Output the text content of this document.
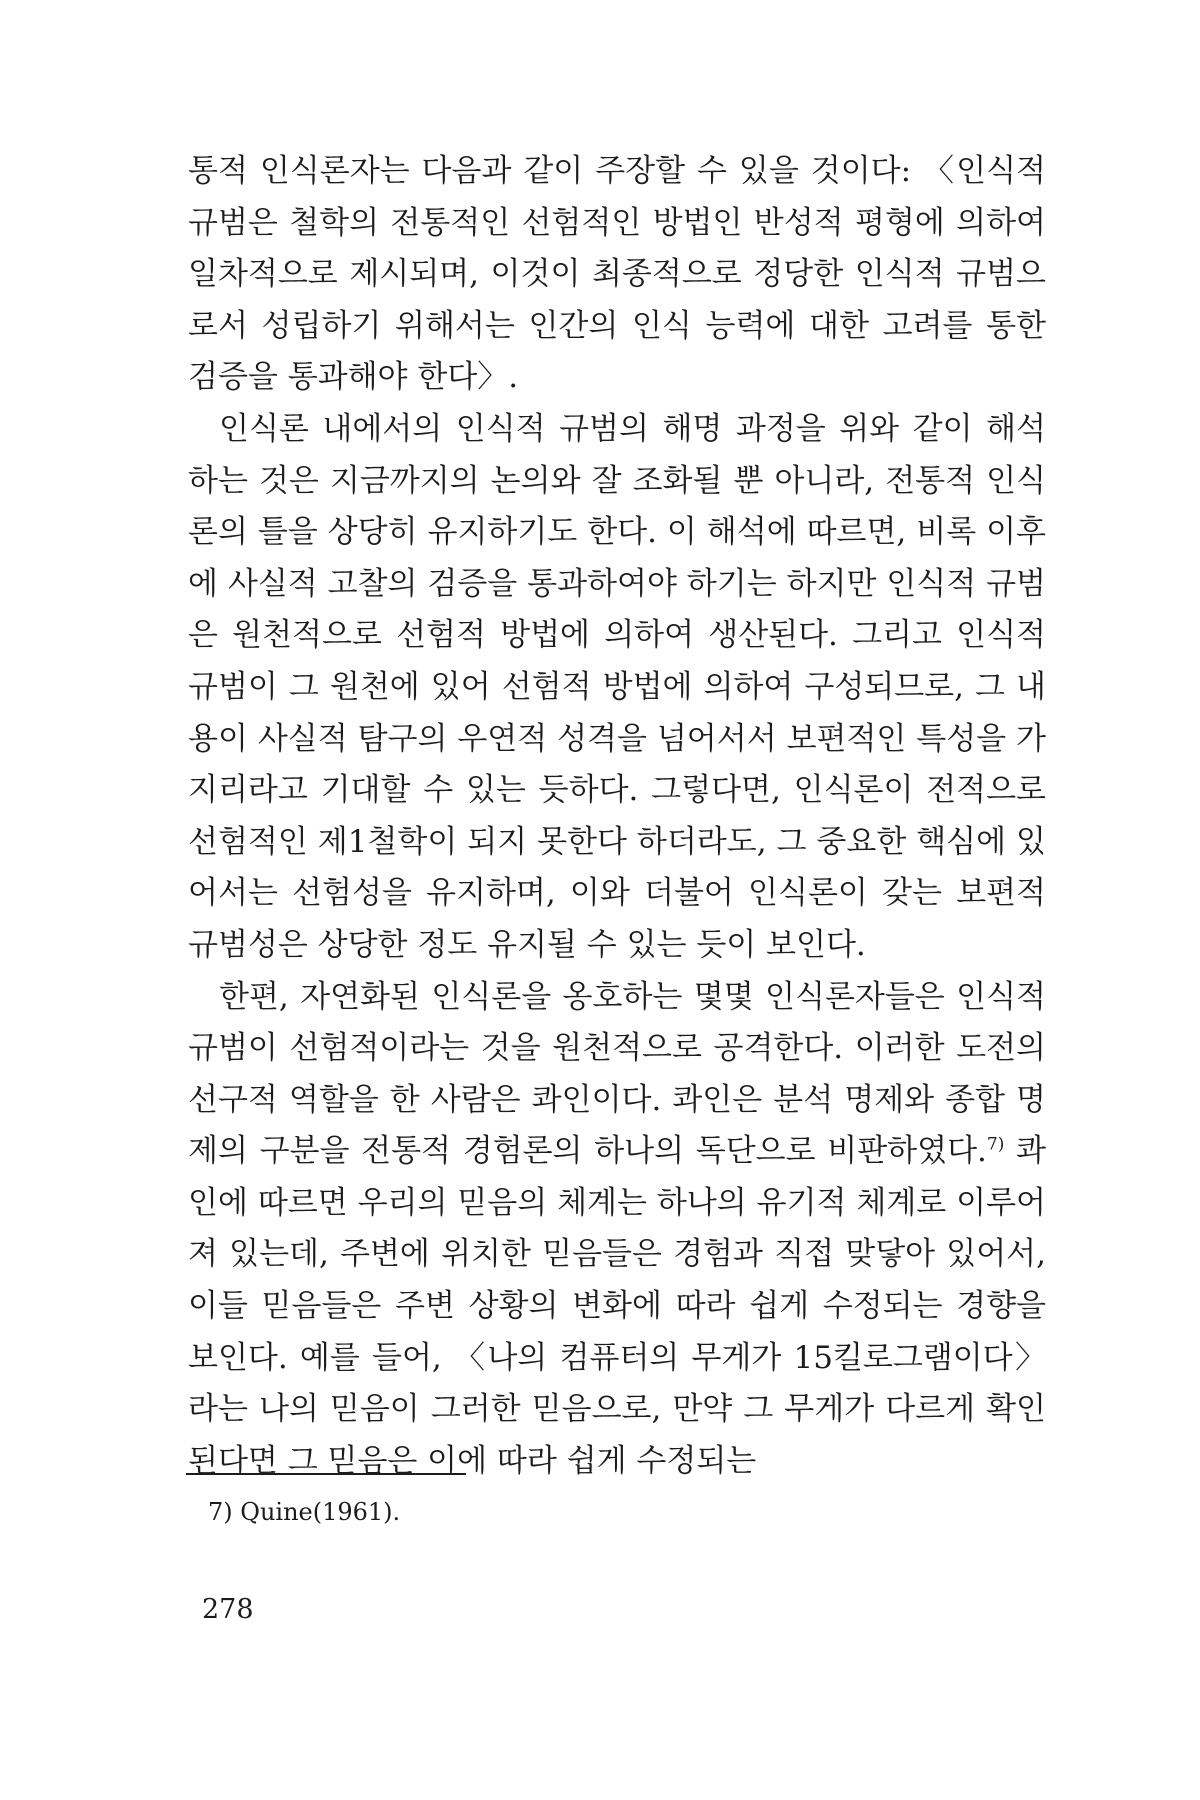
통적 인식론자는 다음과 같이 주장할 수 있을 것이다: 〈인식적 규범은 철학의 전통적인 선험적인 방법인 반성적 평형에 의하여 일차적으로 제시되며, 이것이 최종적으로 정당한 인식적 규범으로서 성립하기 위해서는 인간의 인식 능력에 대한 고려를 통한 검증을 통과해야 한다〉.

인식론 내에서의 인식적 규범의 해명 과정을 위와 같이 해석하는 것은 지금까지의 논의와 잘 조화될 뿐 아니라, 전통적 인식론의 틀을 상당히 유지하기도 한다. 이 해석에 따르면, 비록 이후에 사실적 고찰의 검증을 통과하여야 하기는 하지만 인식적 규범은 원천적으로 선험적 방법에 의하여 생산된다. 그리고 인식적 규범이 그 원천에 있어 선험적 방법에 의하여 구성되므로, 그 내용이 사실적 탐구의 우연적 성격을 넘어서서 보편적인 특성을 가지리라고 기대할 수 있는 듯하다. 그렇다면, 인식론이 전적으로 선험적인 제1철학이 되지 못한다 하더라도, 그 중요한 핵심에 있어서는 선험성을 유지하며, 이와 더불어 인식론이 갖는 보편적 규범성은 상당한 정도 유지될 수 있는 듯이 보인다.

한편, 자연화된 인식론을 옹호하는 몇몇 인식론자들은 인식적 규범이 선험적이라는 것을 원천적으로 공격한다. 이러한 도전의 선구적 역할을 한 사람은 콰인이다. 콰인은 분석 명제와 종합 명제의 구분을 전통적 경험론의 하나의 독단으로 비판하였다.$^{7)}$ 콰인에 따르면 우리의 믿음의 체계는 하나의 유기적 체계로 이루어져 있는데, 주변에 위치한 믿음들은 경험과 직접 맞닿아 있어서, 이들 믿음들은 주변 상황의 변화에 따라 쉽게 수정되는 경향을 보인다. 예를 들어, 〈나의 컴퓨터의 무게가 15킬로그램이다〉라는 나의 믿음이 그러한 믿음으로, 만약 그 무게가 다르게 확인된다면 그 믿음은 이에 따라 쉽게 수정되는

7) Quine(1961).
278
